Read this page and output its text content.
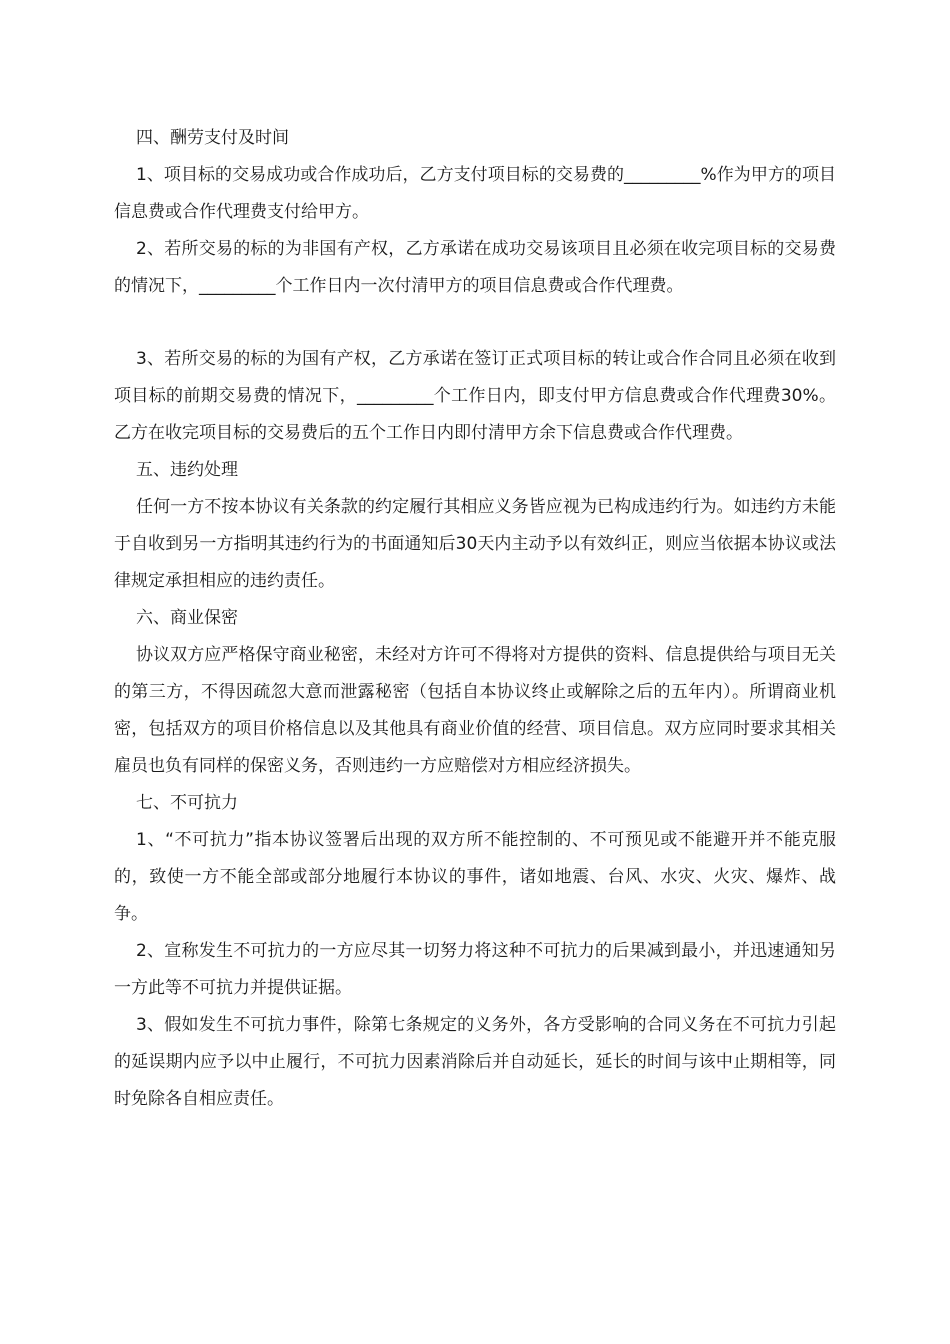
四、酬劳支付及时间

1、项目标的交易成功或合作成功后，乙方支付项目标的交易费的_________%作为甲方的项目信息费或合作代理费支付给甲方。

2、若所交易的标的为非国有产权，乙方承诺在成功交易该项目且必须在收完项目标的交易费的情况下，_________个工作日内一次付清甲方的项目信息费或合作代理费。

3、若所交易的标的为国有产权，乙方承诺在签订正式项目标的转让或合作合同且必须在收到项目标的前期交易费的情况下，_________个工作日内，即支付甲方信息费或合作代理费30%。乙方在收完项目标的交易费后的五个工作日内即付清甲方余下信息费或合作代理费。

五、违约处理

任何一方不按本协议有关条款的约定履行其相应义务皆应视为已构成违约行为。如违约方未能于自收到另一方指明其违约行为的书面通知后30天内主动予以有效纠正，则应当依据本协议或法律规定承担相应的违约责任。

六、商业保密

协议双方应严格保守商业秘密，未经对方许可不得将对方提供的资料、信息提供给与项目无关的第三方，不得因疏忽大意而泄露秘密（包括自本协议终止或解除之后的五年内）。所谓商业机密，包括双方的项目价格信息以及其他具有商业价值的经营、项目信息。双方应同时要求其相关雇员也负有同样的保密义务，否则违约一方应赔偿对方相应经济损失。

七、不可抗力

1、“不可抗力”指本协议签署后出现的双方所不能控制的、不可预见或不能避开并不能克服的，致使一方不能全部或部分地履行本协议的事件，诸如地震、台风、水灾、火灾、爆炸、战争。

2、宣称发生不可抗力的一方应尽其一切努力将这种不可抗力的后果减到最小，并迅速通知另一方此等不可抗力并提供证据。

3、假如发生不可抗力事件，除第七条规定的义务外，各方受影响的合同义务在不可抗力引起的延误期内应予以中止履行，不可抗力因素消除后并自动延长，延长的时间与该中止期相等，同时免除各自相应责任。
